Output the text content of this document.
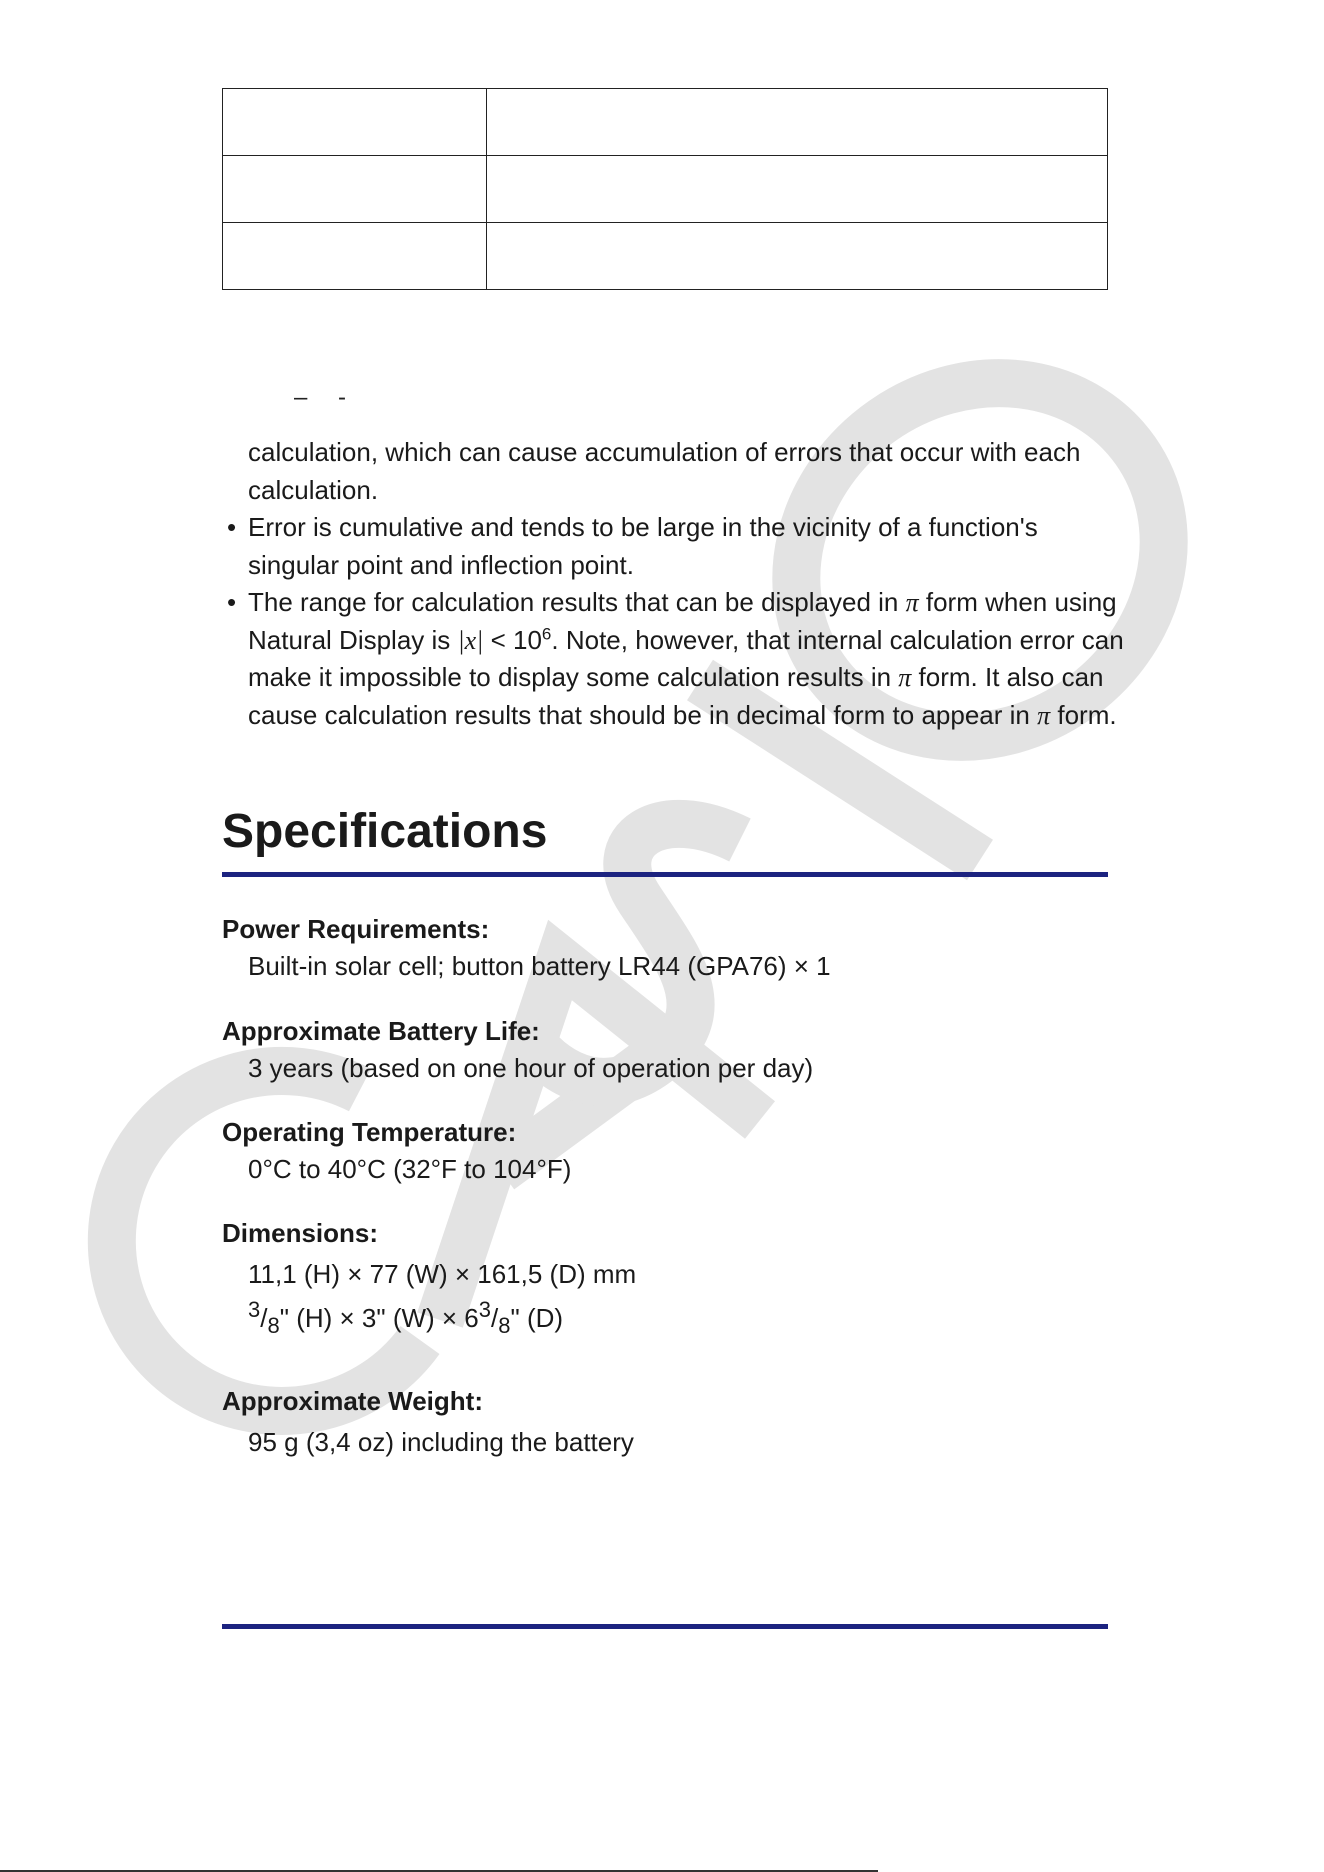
– -
calculation, which can cause accumulation of errors that occur with each calculation.
• Error is cumulative and tends to be large in the vicinity of a function's singular point and inflection point.
• The range for calculation results that can be displayed in π form when using Natural Display is $|x| < 10^6$. Note, however, that internal calculation error can make it impossible to display some calculation results in π form. It also can cause calculation results that should be in decimal form to appear in π form.
Specifications
Power Requirements:
Built-in solar cell; button battery LR44 (GPA76) × 1
Approximate Battery Life:
3 years (based on one hour of operation per day)
Operating Temperature:
0°C to 40°C (32°F to 104°F)
Dimensions:
11,1 (H) × 77 (W) × 161,5 (D) mm
$^3/_8$" (H) × 3" $(W) \times 6^3/_8$" (D)
Approximate Weight:
95 g (3,4 oz) including the battery
